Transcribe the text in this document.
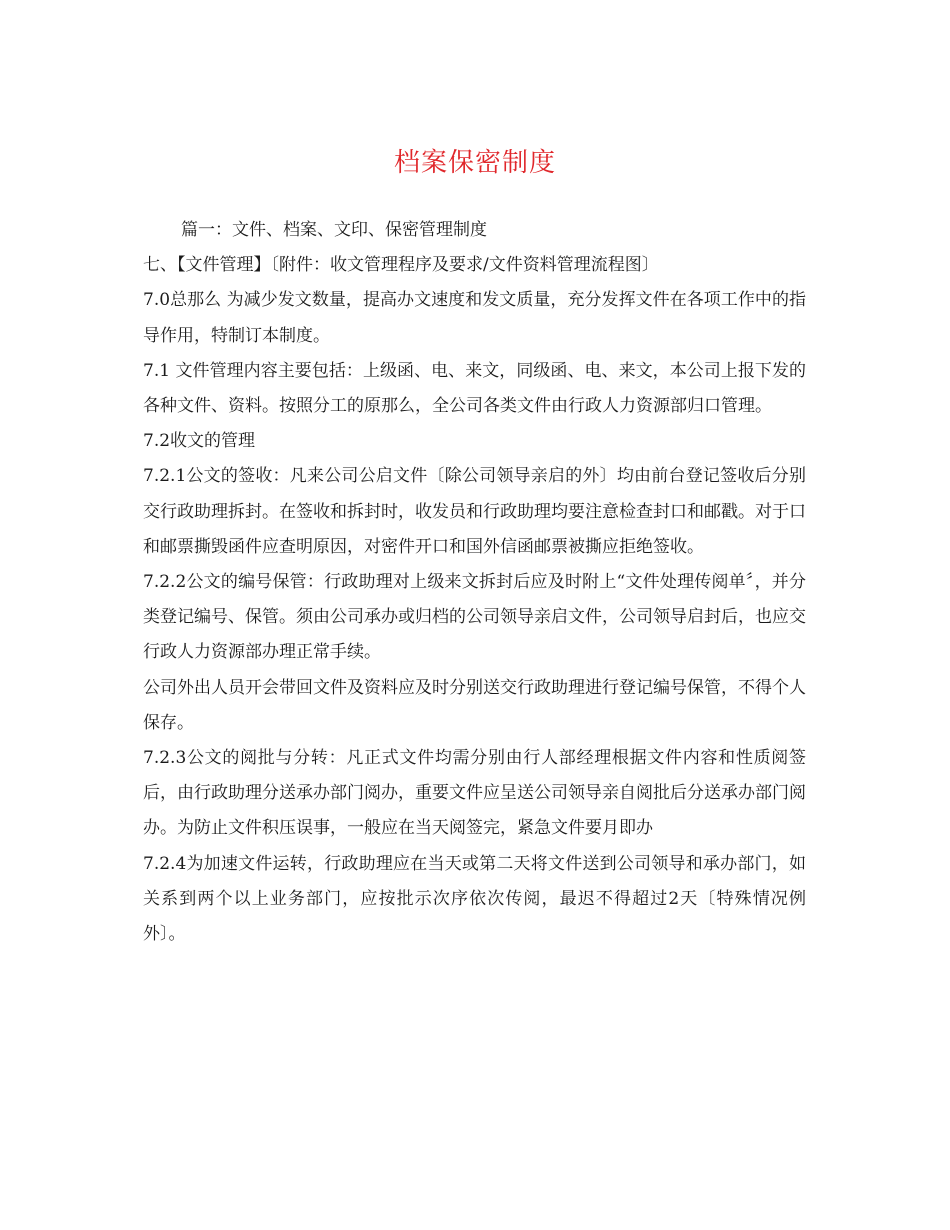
档案保密制度

篇一：文件、档案、文印、保密管理制度

七、【文件管理】〔附件：收文管理程序及要求/文件资料管理流程图〕

7.0总那么 为减少发文数量，提高办文速度和发文质量，充分发挥文件在各项工作中的指导作用，特制订本制度。

7.1 文件管理内容主要包括：上级函、电、来文，同级函、电、来文，本公司上报下发的各种文件、资料。按照分工的原那么，全公司各类文件由行政人力资源部归口管理。

7.2收文的管理

7.2.1公文的签收：凡来公司公启文件〔除公司领导亲启的外〕均由前台登记签收后分别交行政助理拆封。在签收和拆封时，收发员和行政助理均要注意检查封口和邮戳。对于口和邮票撕毁函件应查明原因，对密件开口和国外信函邮票被撕应拒绝签收。

7.2.2公文的编号保管：行政助理对上级来文拆封后应及时附上“文件处理传阅单〞，并分类登记编号、保管。须由公司承办或归档的公司领导亲启文件，公司领导启封后，也应交行政人力资源部办理正常手续。

公司外出人员开会带回文件及资料应及时分别送交行政助理进行登记编号保管，不得个人保存。

7.2.3公文的阅批与分转：凡正式文件均需分别由行人部经理根据文件内容和性质阅签后，由行政助理分送承办部门阅办，重要文件应呈送公司领导亲自阅批后分送承办部门阅办。为防止文件积压误事，一般应在当天阅签完，紧急文件要月即办

7.2.4为加速文件运转，行政助理应在当天或第二天将文件送到公司领导和承办部门，如关系到两个以上业务部门，应按批示次序依次传阅，最迟不得超过2天〔特殊情况例外〕。
